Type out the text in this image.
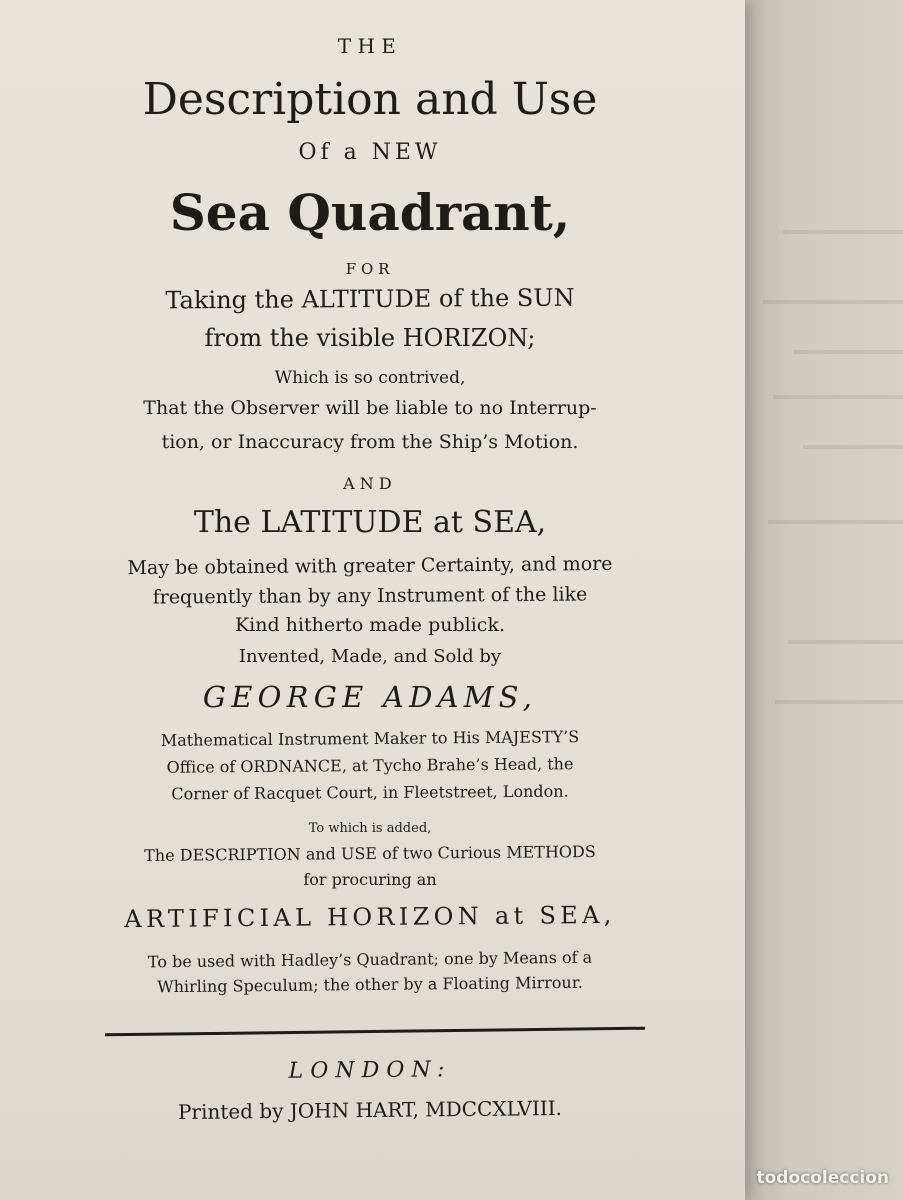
THE
Description and Use
Of a NEW
Sea Quadrant,
FOR
Taking the ALTITUDE of the SUN
from the visible HORIZON;
Which is so contrived,
That the Observer will be liable to no Interrup-
tion, or Inaccuracy from the Ship’s Motion.
AND
The LATITUDE at SEA,
May be obtained with greater Certainty, and more
frequently than by any Instrument of the like
Kind hitherto made publick.
Invented, Made, and Sold by
GEORGE ADAMS,
Mathematical Instrument Maker to His MAJESTY’S
Office of ORDNANCE, at Tycho Brahe’s Head, the
Corner of Racquet Court, in Fleetstreet, London.
To which is added,
The DESCRIPTION and USE of two Curious METHODS
for procuring an
ARTIFICIAL HORIZON at SEA,
To be used with Hadley’s Quadrant; one by Means of a
Whirling Speculum; the other by a Floating Mirrour.
LONDON:
Printed by JOHN HART, MDCCXLVIII.
todocoleccion
